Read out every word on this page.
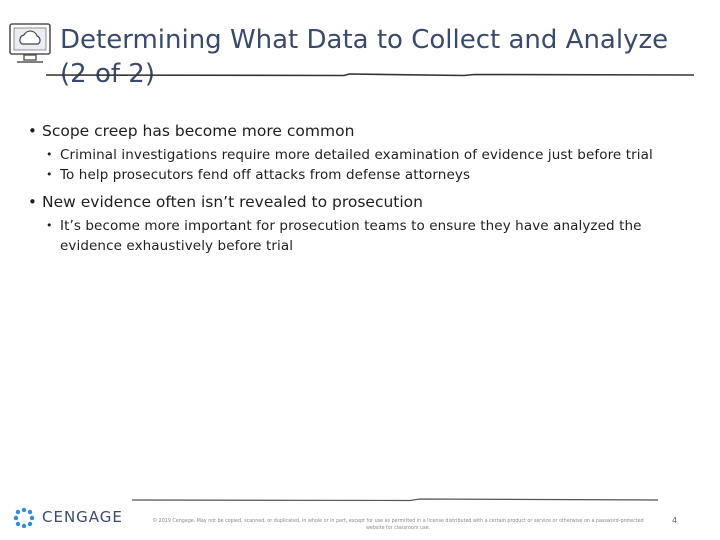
Determining What Data to Collect and Analyze (2 of 2)
• Scope creep has become more common
• Criminal investigations require more detailed examination of evidence just before trial
• To help prosecutors fend off attacks from defense attorneys
• New evidence often isn’t revealed to prosecution
• It’s become more important for prosecution teams to ensure they have analyzed the evidence exhaustively before trial
CENGAGE	© 2019 Cengage. May not be copied, scanned, or duplicated, in whole or in part, except for use as permitted in a license distributed with a certain product or service or otherwise on a password-protected website for classroom use.
4
